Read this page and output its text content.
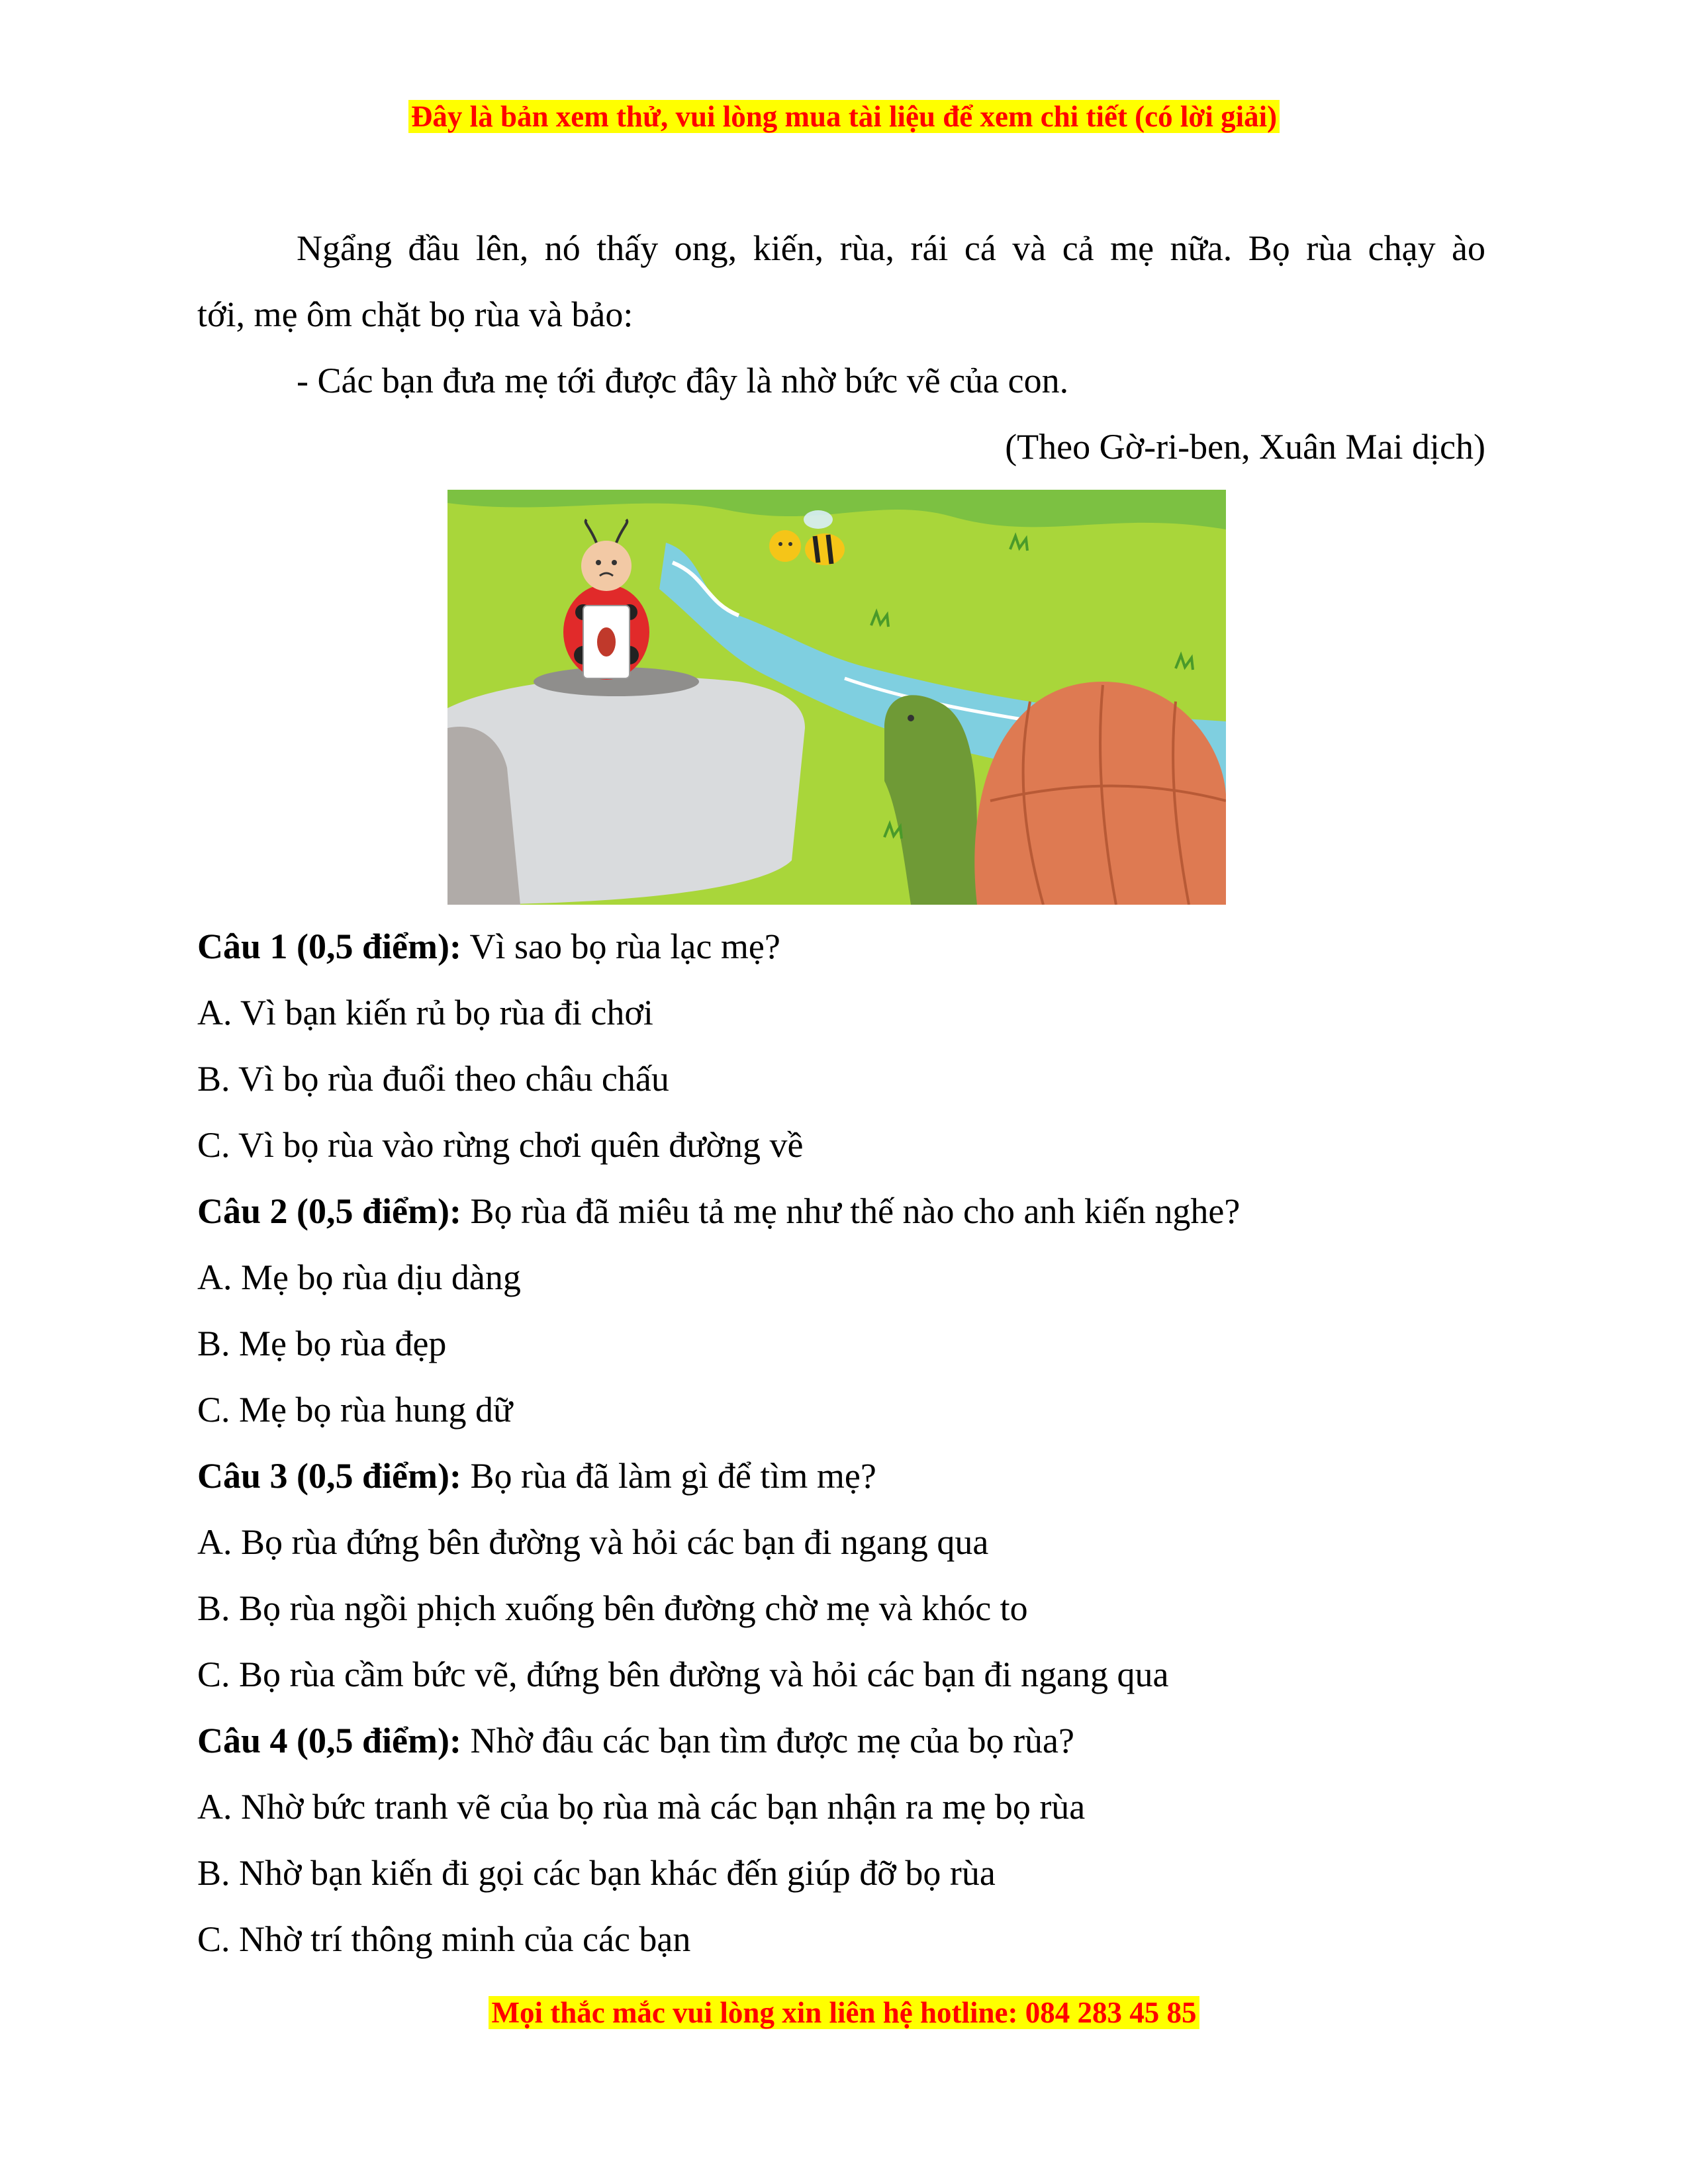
Đây là bản xem thử, vui lòng mua tài liệu để xem chi tiết (có lời giải)
Ngẩng đầu lên, nó thấy ong, kiến, rùa, rái cá và cả mẹ nữa. Bọ rùa chạy ào
tới, mẹ ôm chặt bọ rùa và bảo:
- Các bạn đưa mẹ tới được đây là nhờ bức vẽ của con.
(Theo Gờ-ri-ben, Xuân Mai dịch)
Câu 1 (0,5 điểm): Vì sao bọ rùa lạc mẹ?
A. Vì bạn kiến rủ bọ rùa đi chơi
B. Vì bọ rùa đuổi theo châu chấu
C. Vì bọ rùa vào rừng chơi quên đường về
Câu 2 (0,5 điểm): Bọ rùa đã miêu tả mẹ như thế nào cho anh kiến nghe?
A. Mẹ bọ rùa dịu dàng
B. Mẹ bọ rùa đẹp
C. Mẹ bọ rùa hung dữ
Câu 3 (0,5 điểm): Bọ rùa đã làm gì để tìm mẹ?
A. Bọ rùa đứng bên đường và hỏi các bạn đi ngang qua
B. Bọ rùa ngồi phịch xuống bên đường chờ mẹ và khóc to
C. Bọ rùa cầm bức vẽ, đứng bên đường và hỏi các bạn đi ngang qua
Câu 4 (0,5 điểm): Nhờ đâu các bạn tìm được mẹ của bọ rùa?
A. Nhờ bức tranh vẽ của bọ rùa mà các bạn nhận ra mẹ bọ rùa
B. Nhờ bạn kiến đi gọi các bạn khác đến giúp đỡ bọ rùa
C. Nhờ trí thông minh của các bạn
Mọi thắc mắc vui lòng xin liên hệ hotline: 084 283 45 85
